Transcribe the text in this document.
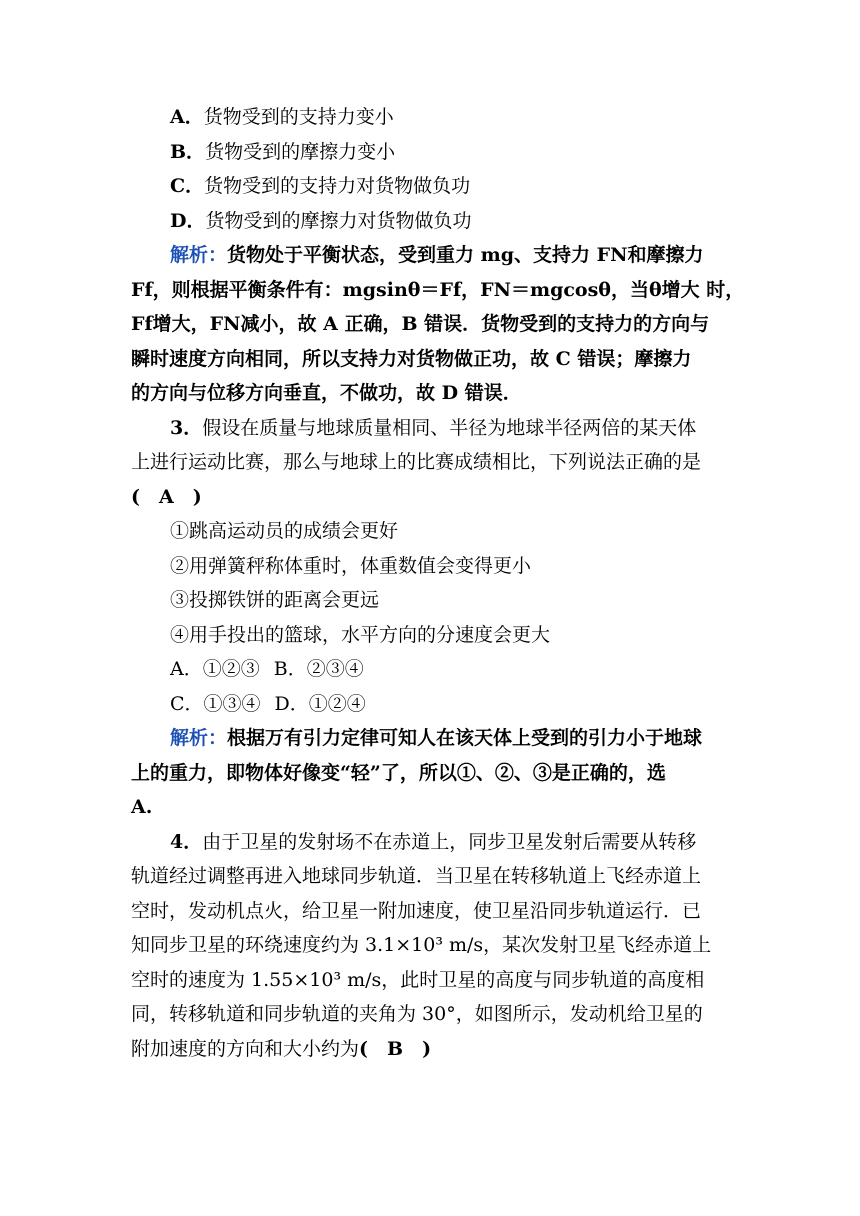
A．货物受到的支持力变小
B．货物受到的摩擦力变小
C．货物受到的支持力对货物做负功
D．货物受到的摩擦力对货物做负功
解析：货物处于平衡状态，受到重力 mg、支持力 FN和摩擦力
Ff，则根据平衡条件有：mgsinθ＝Ff，FN＝mgcosθ，当θ增大 时，
Ff增大，FN减小，故 A 正确，B 错误．货物受到的支持力的方向与
瞬时速度方向相同，所以支持力对货物做正功，故 C 错误；摩擦力
的方向与位移方向垂直，不做功，故 D 错误．
3．假设在质量与地球质量相同、半径为地球半径两倍的某天体
上进行运动比赛，那么与地球上的比赛成绩相比，下列说法正确的是
(　A　)
①跳高运动员的成绩会更好
②用弹簧秤称体重时，体重数值会变得更小
③投掷铁饼的距离会更远
④用手投出的篮球，水平方向的分速度会更大
A．①②③ B．②③④
C．①③④ D．①②④
解析：根据万有引力定律可知人在该天体上受到的引力小于地球
上的重力，即物体好像变“轻”了，所以①、②、③是正确的，选
A.
4．由于卫星的发射场不在赤道上，同步卫星发射后需要从转移
轨道经过调整再进入地球同步轨道．当卫星在转移轨道上飞经赤道上
空时，发动机点火，给卫星一附加速度，使卫星沿同步轨道运行．已
知同步卫星的环绕速度约为 3.1×10³ m/s，某次发射卫星飞经赤道上
空时的速度为 1.55×10³ m/s，此时卫星的高度与同步轨道的高度相
同，转移轨道和同步轨道的夹角为 30°，如图所示，发动机给卫星的
附加速度的方向和大小约为(　B　)
